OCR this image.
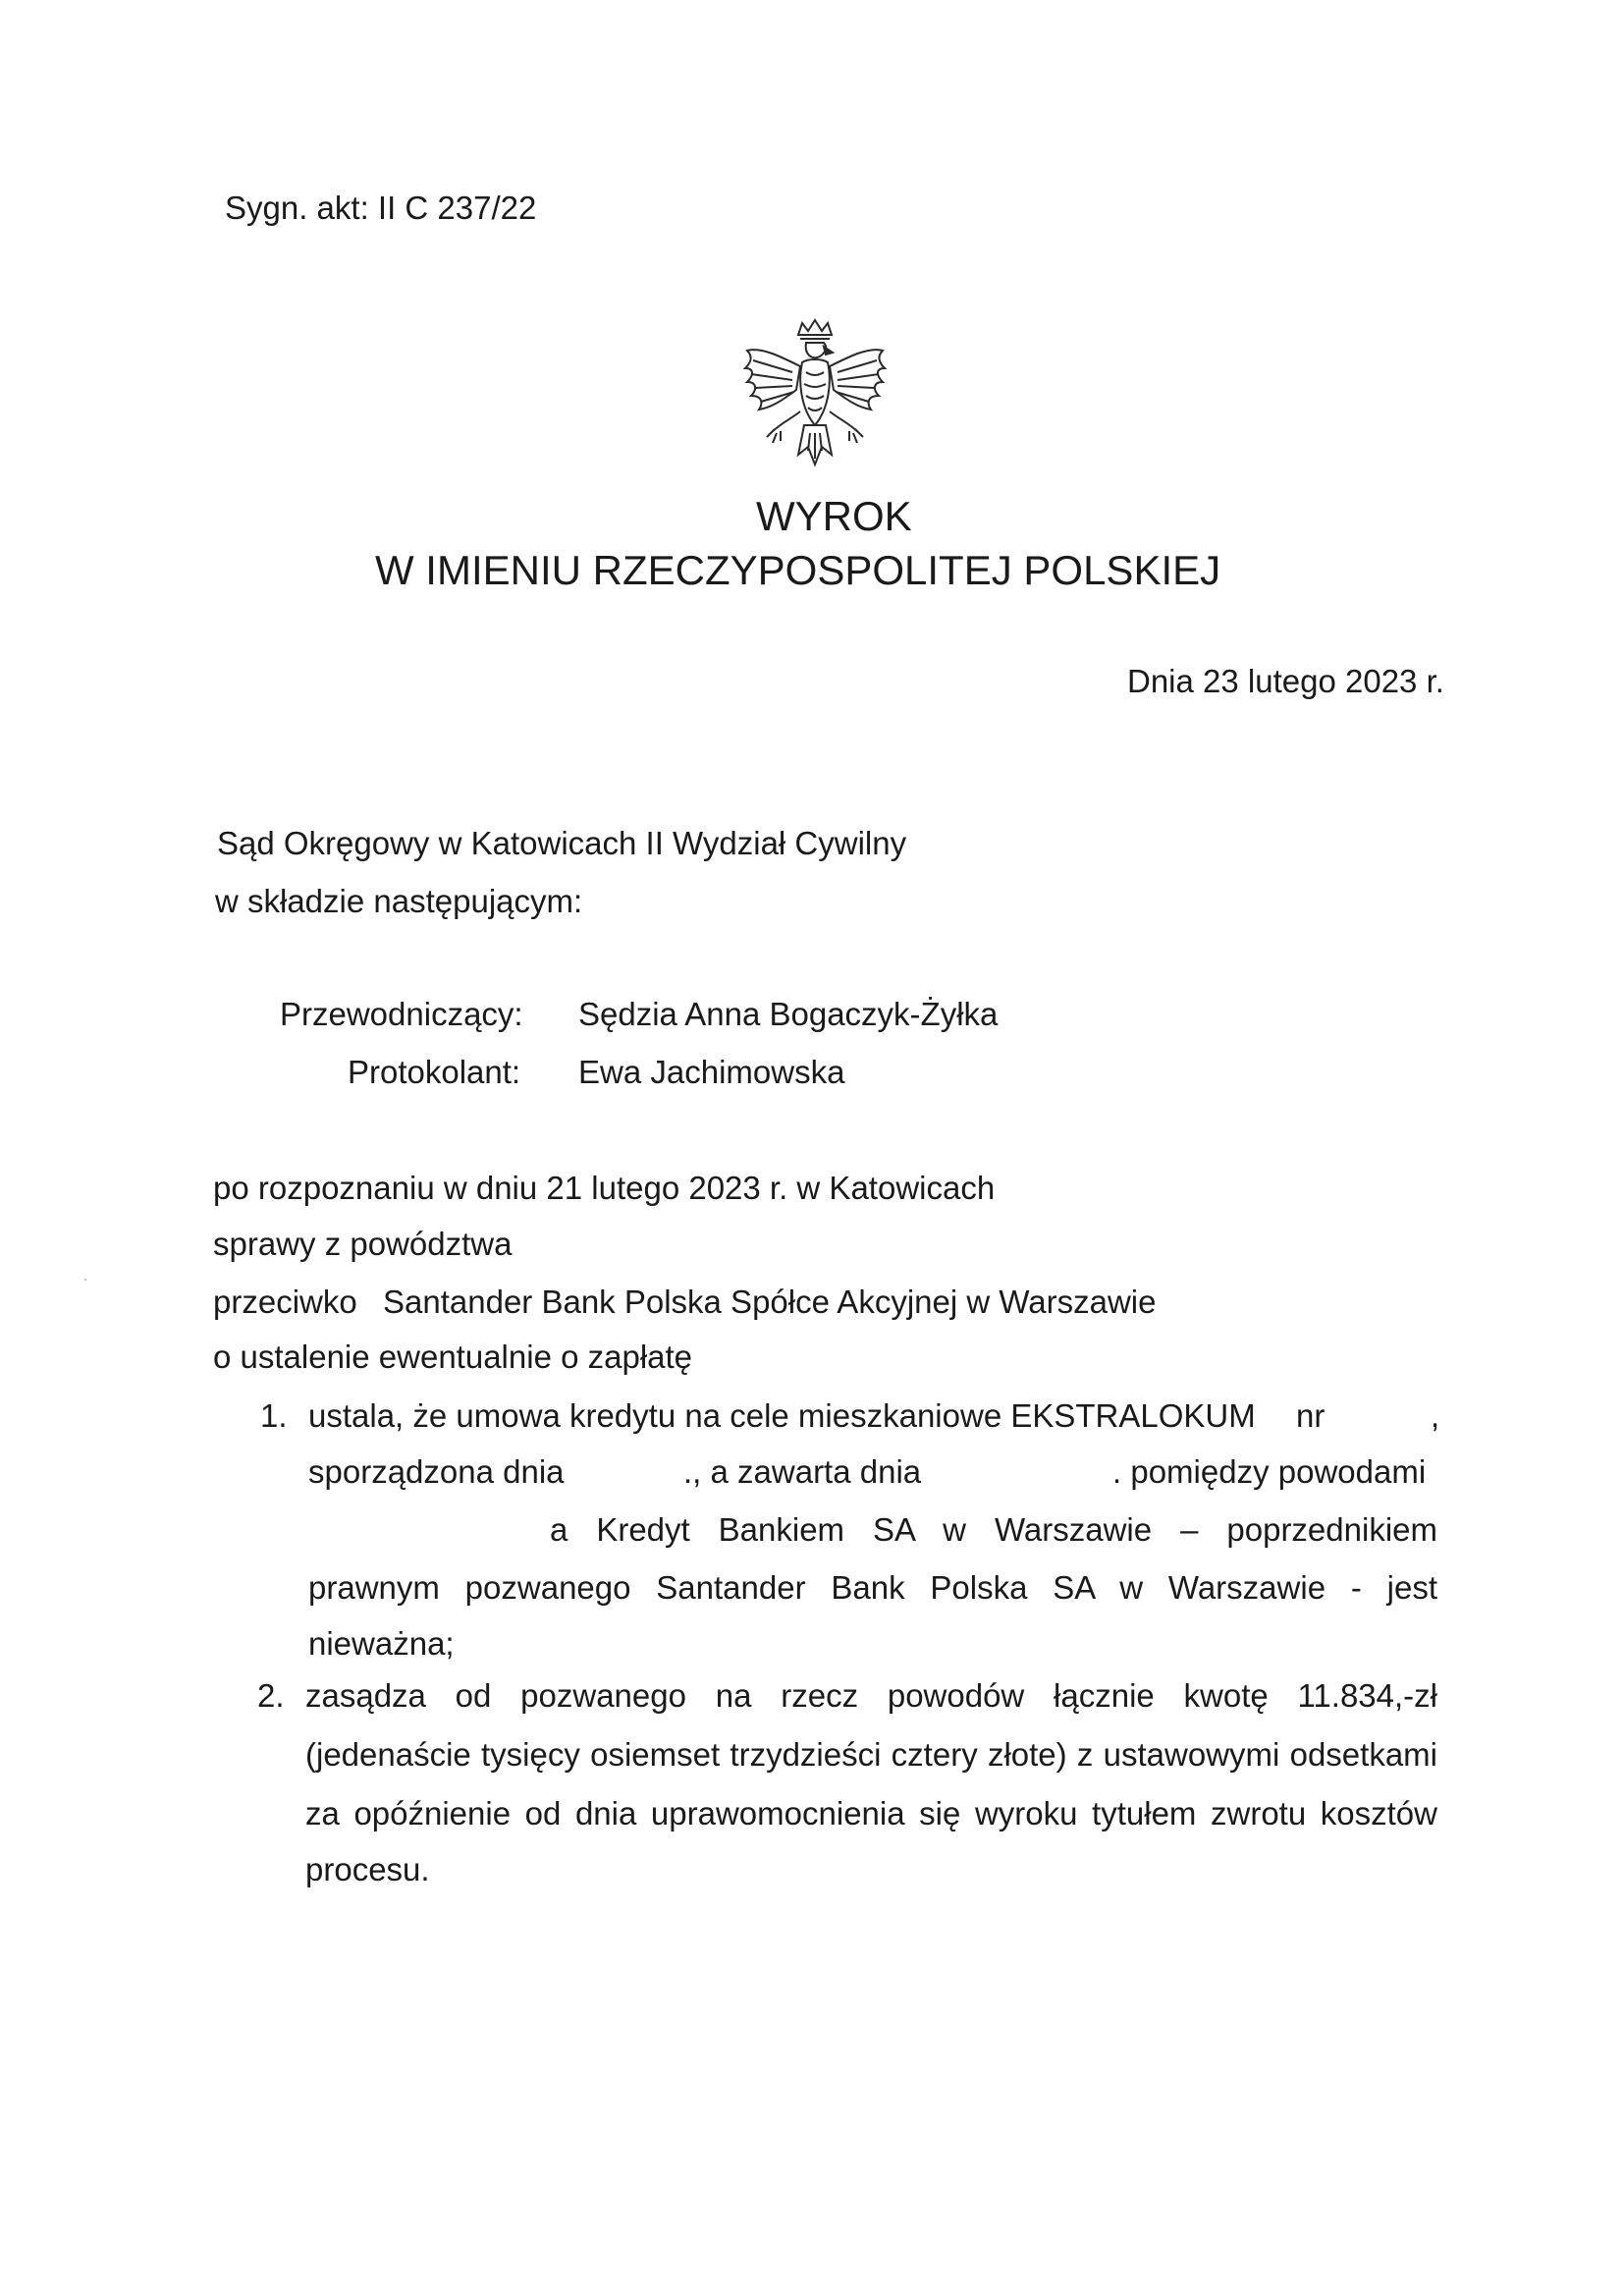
Sygn. akt: II C 237/22

WYROK

W IMIENIU RZECZYPOSPOLITEJ POLSKIEJ

Dnia 23 lutego 2023 r.

Sąd Okręgowy w Katowicach II Wydział Cywilny

w składzie następującym:

Przewodniczący: Sędzia Anna Bogaczyk-Żyłka

Protokolant: Ewa Jachimowska

po rozpoznaniu w dniu 21 lutego 2023 r. w Katowicach

sprawy z powództwa

przeciwko Santander Bank Polska Spółce Akcyjnej w Warszawie

o ustalenie ewentualnie o zapłatę

1. ustala, że umowa kredytu na cele mieszkaniowe EKSTRALOKUM nr	,

sporządzona dnia	., a zawarta dnia	. pomiędzy powodami

a Kredyt Bankiem SA w Warszawie – poprzednikiem

prawnym pozwanego Santander Bank Polska SA w Warszawie - jest

nieważna;

2. zasądza od pozwanego na rzecz powodów łącznie kwotę 11.834,-zł

(jedenaście tysięcy osiemset trzydzieści cztery złote) z ustawowymi odsetkami

za opóźnienie od dnia uprawomocnienia się wyroku tytułem zwrotu kosztów

procesu.
